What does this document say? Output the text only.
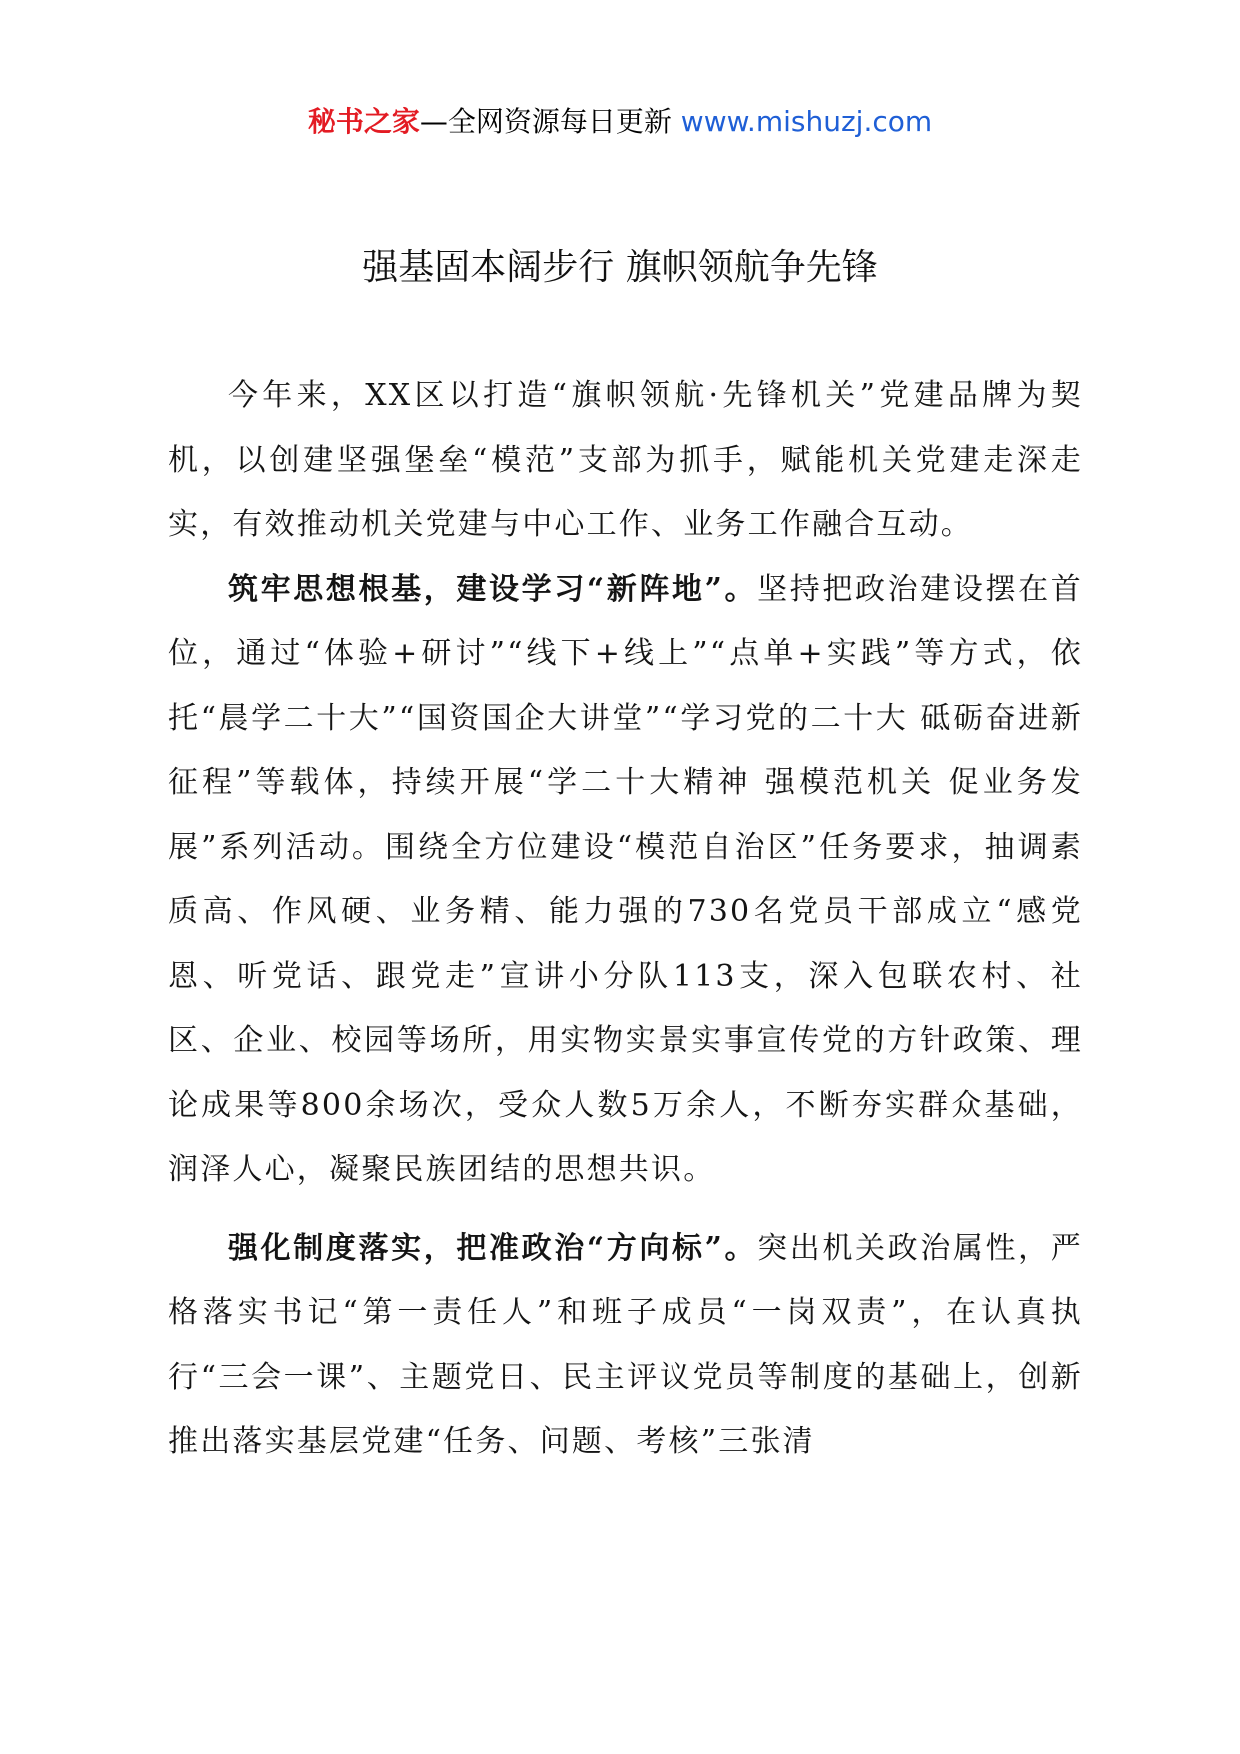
秘书之家—全网资源每日更新 www.mishuzj.com
强基固本阔步行 旗帜领航争先锋

今年来，XX区以打造“旗帜领航·先锋机关”党建品牌为契机，以创建坚强堡垒“模范”支部为抓手，赋能机关党建走深走实，有效推动机关党建与中心工作、业务工作融合互动。

筑牢思想根基，建设学习“新阵地”。坚持把政治建设摆在首位，通过“体验+研讨”“线下+线上”“点单+实践”等方式，依托“晨学二十大”“国资国企大讲堂”“学习党的二十大 砥砺奋进新征程”等载体，持续开展“学二十大精神 强模范机关 促业务发展”系列活动。围绕全方位建设“模范自治区”任务要求，抽调素质高、作风硬、业务精、能力强的730名党员干部成立“感党恩、听党话、跟党走”宣讲小分队113支，深入包联农村、社区、企业、校园等场所，用实物实景实事宣传党的方针政策、理论成果等800余场次，受众人数5万余人，不断夯实群众基础，润泽人心，凝聚民族团结的思想共识。

强化制度落实，把准政治“方向标”。突出机关政治属性，严格落实书记“第一责任人”和班子成员“一岗双责”，在认真执行“三会一课”、主题党日、民主评议党员等制度的基础上，创新推出落实基层党建“任务、问题、考核”三张清
